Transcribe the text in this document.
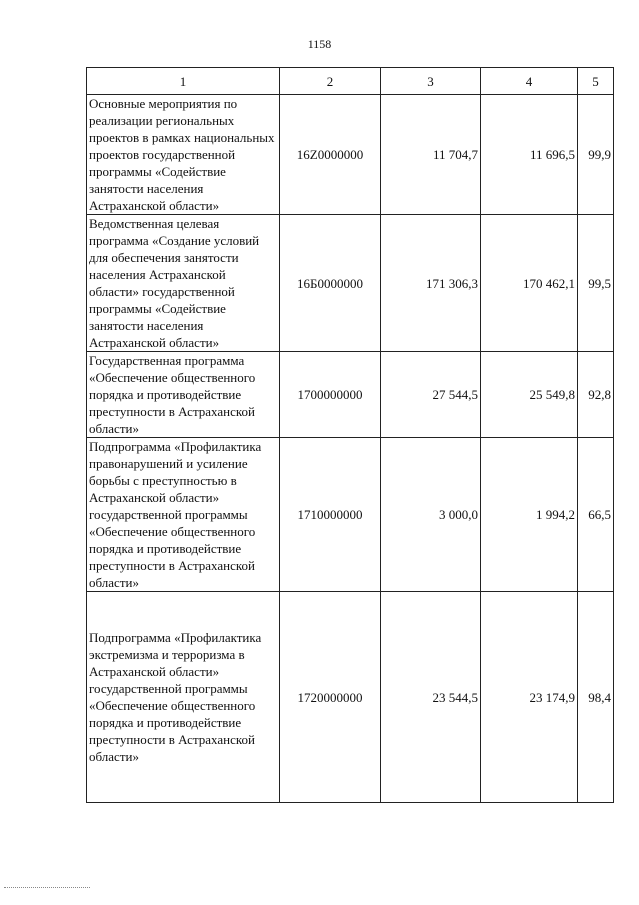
1158
1	2	3	4	5
Основные мероприятия по реализации региональных проектов в рамках национальных проектов государственной программы «Содействие занятости населения Астраханской области»	16Z0000000	11 704,7	11 696,5	99,9
Ведомственная целевая программа «Создание условий для обеспечения занятости населения Астраханской области» государственной программы «Содействие занятости населения Астраханской области»	16Б0000000	171 306,3	170 462,1	99,5
Государственная программа «Обеспечение общественного порядка и противодействие преступности в Астраханской области»	1700000000	27 544,5	25 549,8	92,8
Подпрограмма «Профилактика правонарушений и усиление борьбы с преступностью в Астраханской области» государственной программы «Обеспечение общественного порядка и противодействие преступности в Астраханской области»	1710000000	3 000,0	1 994,2	66,5
Подпрограмма «Профилактика экстремизма и терроризма в Астраханской области» государственной программы «Обеспечение общественного порядка и противодействие преступности в Астраханской области»	1720000000	23 544,5	23 174,9	98,4
